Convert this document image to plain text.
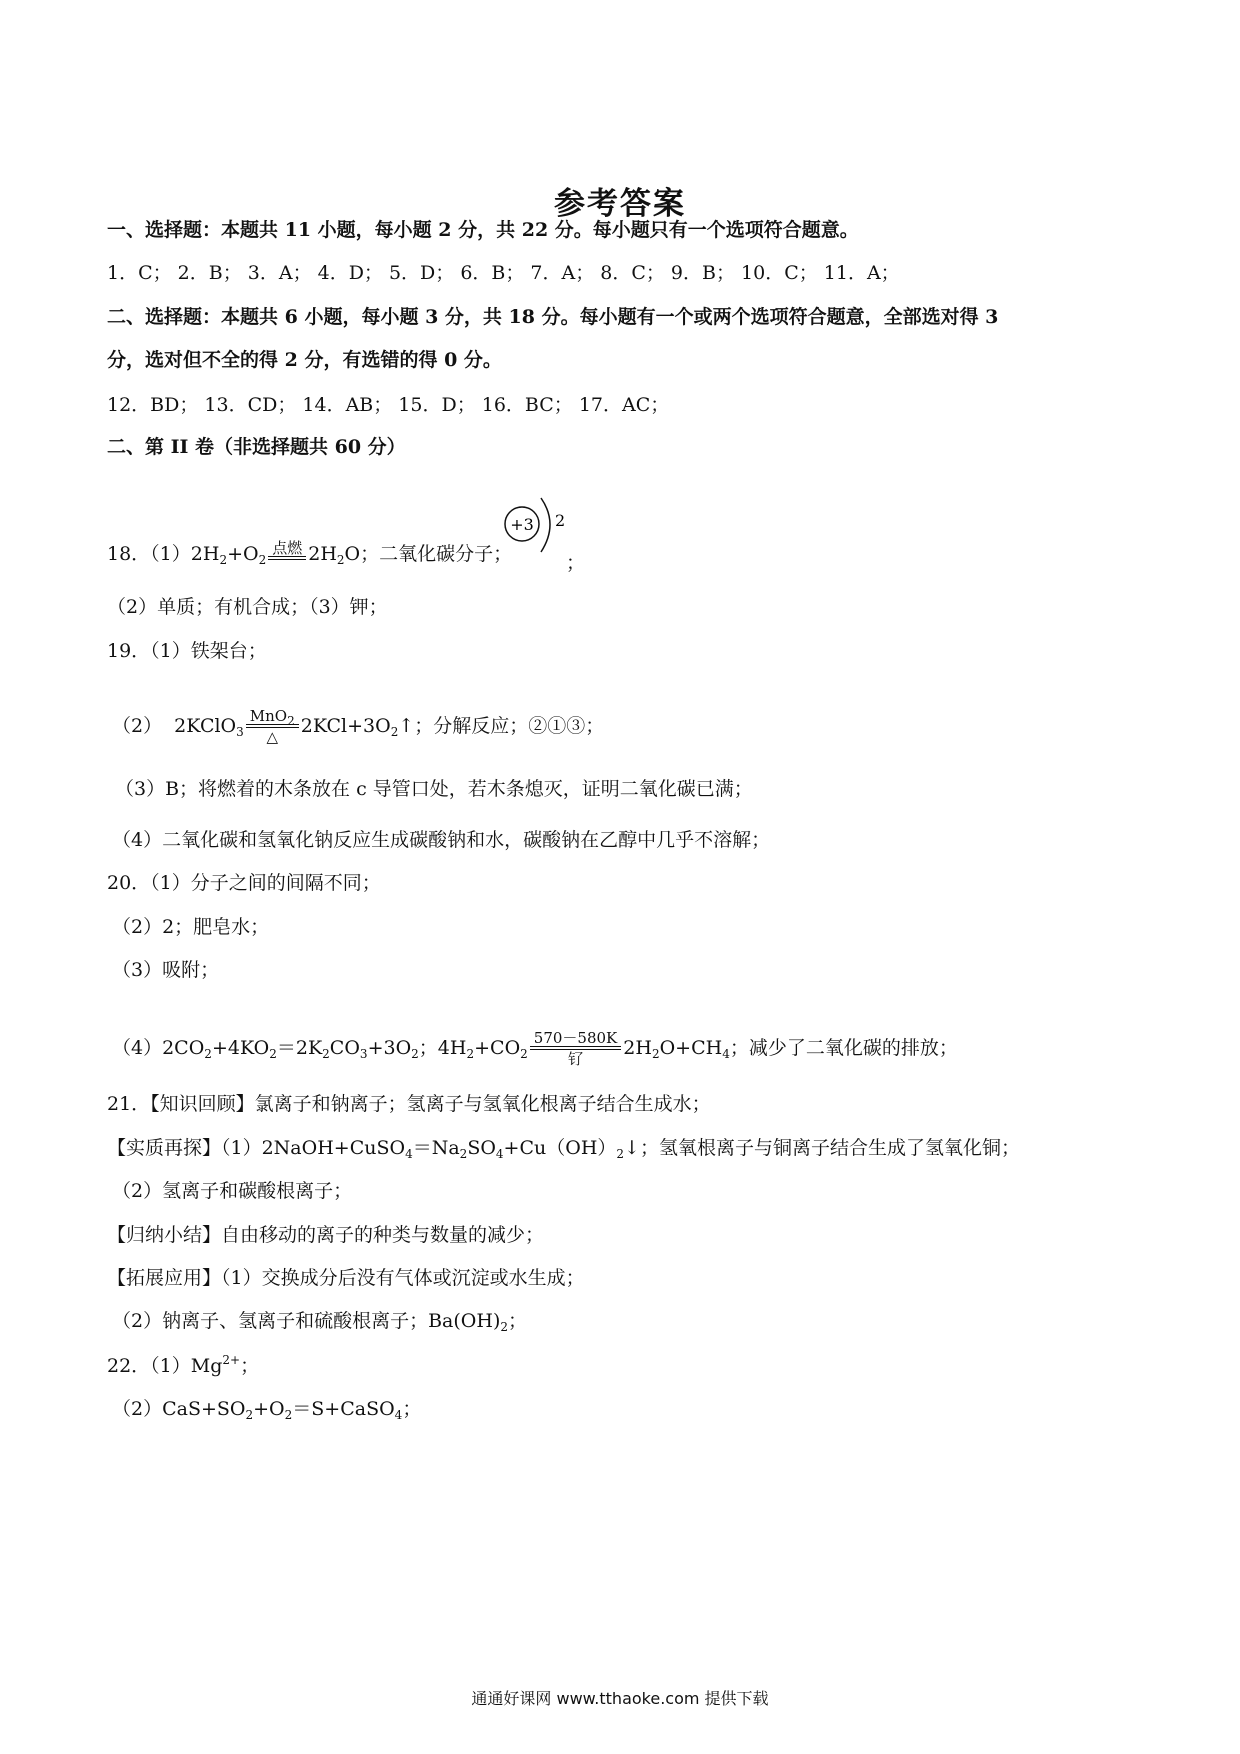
参考答案
一、选择题：本题共 11 小题，每小题 2 分，共 22 分。每小题只有一个选项符合题意。
1．C； 2．B； 3．A； 4．D； 5．D； 6．B； 7．A； 8．C； 9．B； 10．C； 11．A；
二、选择题：本题共 6 小题，每小题 3 分，共 18 分。每小题有一个或两个选项符合题意，全部选对得 3
分，选对但不全的得 2 分，有选错的得 0 分。
12．BD； 13．CD； 14．AB； 15．D； 16．BC； 17．AC；
二、第 II 卷（非选择题共 60 分）
18．$(1)2H_2+O_2$
点燃 $2H_2O$；二氧化碳分子；
+3 2
；
（2）单质；有机合成；（3）钾；
19．（1）铁架台；
（2）  2KClO$_3$
MnO$_2$
△	$2KCl+3O_2↑$；分解反应；②①③；
（3）B；将燃着的木条放在 c 导管口处，若木条熄灭，证明二氧化碳已满；
（4）二氧化碳和氢氧化钠反应生成碳酸钠和水，碳酸钠在乙醇中几乎不溶解；
20．（1）分子之间的间隔不同；
（2）2；肥皂水；
（3）吸附；
$(4)2CO_2+4KO_2=2K_2CO_3+3O_2$；$4H_2+CO_2$
570－580K
钌	$2H_2O+CH_4$；减少了二氧化碳的排放；
21．【知识回顾】氯离子和钠离子；氢离子与氢氧化根离子结合生成水；
【实质再探】$(1)2NaOH+CuSO_4=Na_2SO_4+Cu(OH)_2↓$；氢氧根离子与铜离子结合生成了氢氧化铜；
（2）氢离子和碳酸根离子；
【归纳小结】自由移动的离子的种类与数量的减少；
【拓展应用】（1）交换成分后没有气体或沉淀或水生成；
（2）钠离子、氢离子和硫酸根离子；$Ba(OH)_2$；
22．$(1)Mg^{2+}$；
$(2)CaS+SO_2+O_2=S+CaSO_4$；
通通好课网 www.tthaoke.com 提供下载
